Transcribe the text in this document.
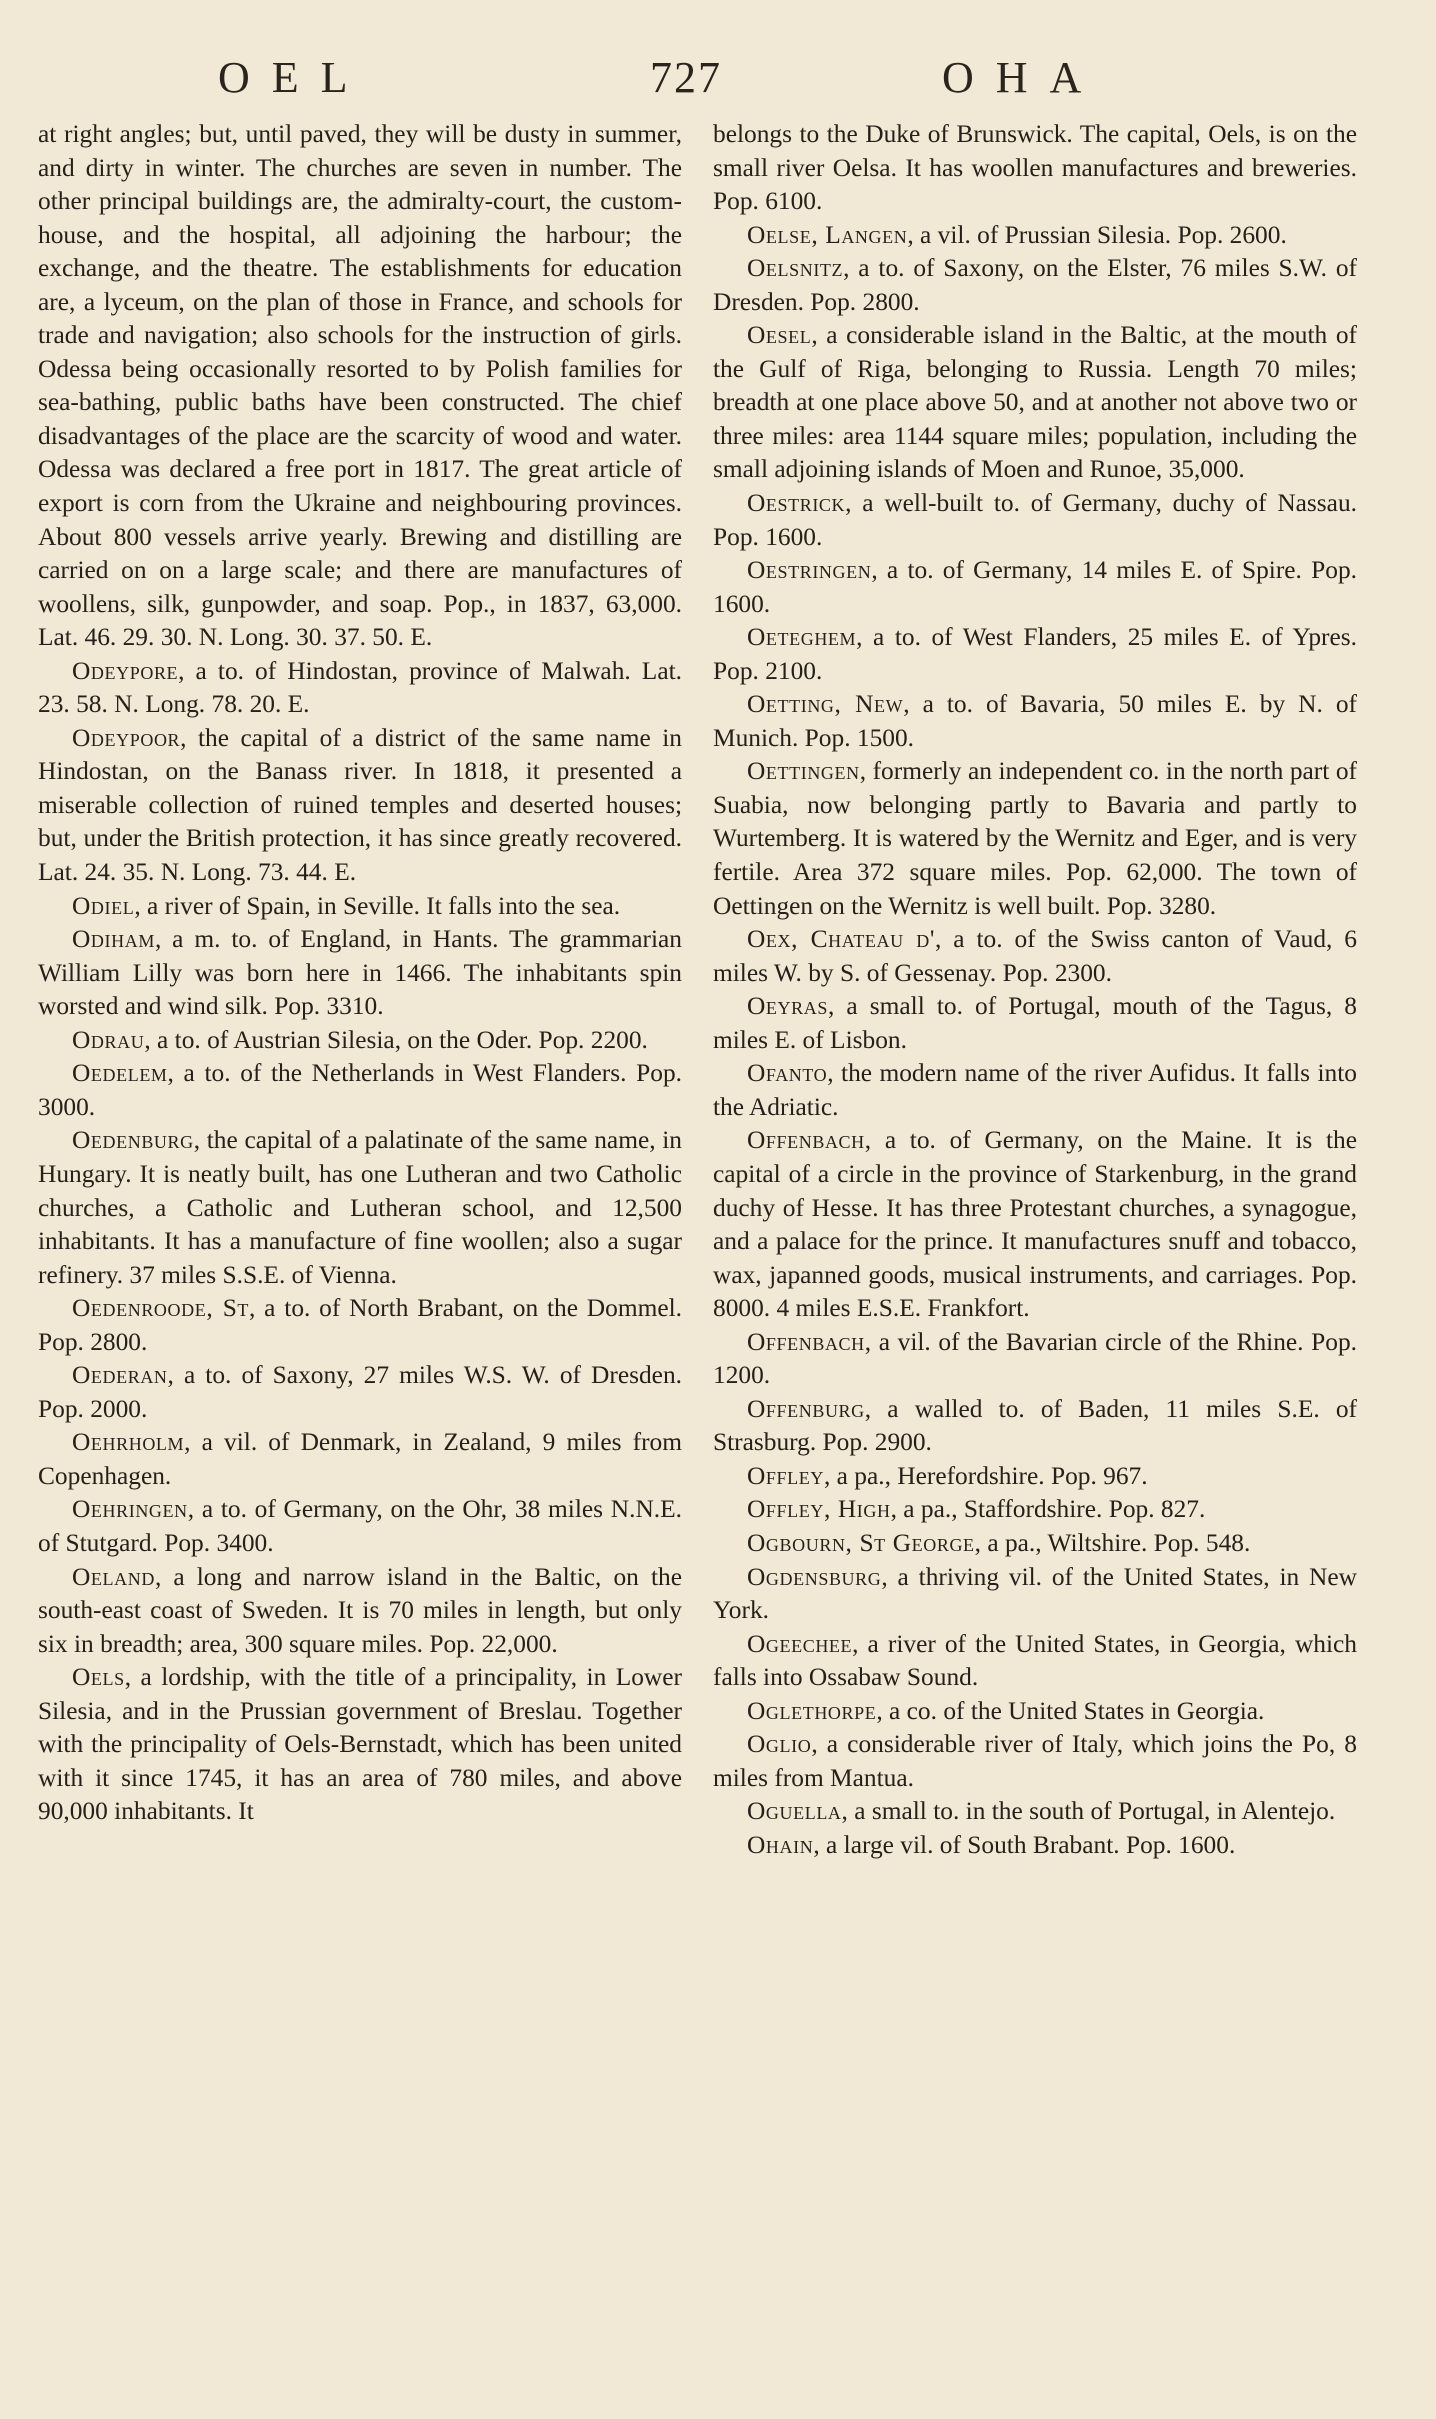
OEL	727	OHA

at right angles; but, until paved, they will be dusty in summer, and dirty in winter. The churches are seven in number. The other principal buildings are, the admiralty-court, the custom-house, and the hospital, all adjoining the harbour; the exchange, and the theatre. The establishments for education are, a lyceum, on the plan of those in France, and schools for trade and navigation; also schools for the instruction of girls. Odessa being occasionally resorted to by Polish families for sea-bathing, public baths have been constructed. The chief disadvantages of the place are the scarcity of wood and water. Odessa was declared a free port in 1817. The great article of export is corn from the Ukraine and neighbouring provinces. About 800 vessels arrive yearly. Brewing and distilling are carried on on a large scale; and there are manufactures of woollens, silk, gunpowder, and soap. Pop., in 1837, 63,000. Lat. 46. 29. 30. N. Long. 30. 37. 50. E.

Odeypore, a to. of Hindostan, province of Malwah. Lat. 23. 58. N. Long. 78. 20. E.

Odeypoor, the capital of a district of the same name in Hindostan, on the Banass river. In 1818, it presented a miserable collection of ruined temples and deserted houses; but, under the British protection, it has since greatly recovered. Lat. 24. 35. N. Long. 73. 44. E.

Odiel, a river of Spain, in Seville. It falls into the sea.

Odiham, a m. to. of England, in Hants. The grammarian William Lilly was born here in 1466. The inhabitants spin worsted and wind silk. Pop. 3310.

Odrau, a to. of Austrian Silesia, on the Oder. Pop. 2200.

Oedelem, a to. of the Netherlands in West Flanders. Pop. 3000.

Oedenburg, the capital of a palatinate of the same name, in Hungary. It is neatly built, has one Lutheran and two Catholic churches, a Catholic and Lutheran school, and 12,500 inhabitants. It has a manufacture of fine woollen; also a sugar refinery. 37 miles S.S.E. of Vienna.

Oedenroode, St, a to. of North Brabant, on the Dommel. Pop. 2800.

Oederan, a to. of Saxony, 27 miles W.S. W. of Dresden. Pop. 2000.

Oehrholm, a vil. of Denmark, in Zealand, 9 miles from Copenhagen.

Oehringen, a to. of Germany, on the Ohr, 38 miles N.N.E. of Stutgard. Pop. 3400.

Oeland, a long and narrow island in the Baltic, on the south-east coast of Sweden. It is 70 miles in length, but only six in breadth; area, 300 square miles. Pop. 22,000.

Oels, a lordship, with the title of a principality, in Lower Silesia, and in the Prussian government of Breslau. Together with the principality of Oels-Bernstadt, which has been united with it since 1745, it has an area of 780 miles, and above 90,000 inhabitants. It

belongs to the Duke of Brunswick. The capital, Oels, is on the small river Oelsa. It has woollen manufactures and breweries. Pop. 6100.

Oelse, Langen, a vil. of Prussian Silesia. Pop. 2600.

Oelsnitz, a to. of Saxony, on the Elster, 76 miles S.W. of Dresden. Pop. 2800.

Oesel, a considerable island in the Baltic, at the mouth of the Gulf of Riga, belonging to Russia. Length 70 miles; breadth at one place above 50, and at another not above two or three miles: area 1144 square miles; population, including the small adjoining islands of Moen and Runoe, 35,000.

Oestrick, a well-built to. of Germany, duchy of Nassau. Pop. 1600.

Oestringen, a to. of Germany, 14 miles E. of Spire. Pop. 1600.

Oeteghem, a to. of West Flanders, 25 miles E. of Ypres. Pop. 2100.

Oetting, New, a to. of Bavaria, 50 miles E. by N. of Munich. Pop. 1500.

Oettingen, formerly an independent co. in the north part of Suabia, now belonging partly to Bavaria and partly to Wurtemberg. It is watered by the Wernitz and Eger, and is very fertile. Area 372 square miles. Pop. 62,000. The town of Oettingen on the Wernitz is well built. Pop. 3280.

Oex, Chateau d', a to. of the Swiss canton of Vaud, 6 miles W. by S. of Gessenay. Pop. 2300.

Oeyras, a small to. of Portugal, mouth of the Tagus, 8 miles E. of Lisbon.

Ofanto, the modern name of the river Aufidus. It falls into the Adriatic.

Offenbach, a to. of Germany, on the Maine. It is the capital of a circle in the province of Starkenburg, in the grand duchy of Hesse. It has three Protestant churches, a synagogue, and a palace for the prince. It manufactures snuff and tobacco, wax, japanned goods, musical instruments, and carriages. Pop. 8000. 4 miles E.S.E. Frankfort.

Offenbach, a vil. of the Bavarian circle of the Rhine. Pop. 1200.

Offenburg, a walled to. of Baden, 11 miles S.E. of Strasburg. Pop. 2900.

Offley, a pa., Herefordshire. Pop. 967.

Offley, High, a pa., Staffordshire. Pop. 827.

Ogbourn, St George, a pa., Wiltshire. Pop. 548.

Ogdensburg, a thriving vil. of the United States, in New York.

Ogeechee, a river of the United States, in Georgia, which falls into Ossabaw Sound.

Oglethorpe, a co. of the United States in Georgia.

Oglio, a considerable river of Italy, which joins the Po, 8 miles from Mantua.

Oguella, a small to. in the south of Portugal, in Alentejo.

Ohain, a large vil. of South Brabant. Pop. 1600.
